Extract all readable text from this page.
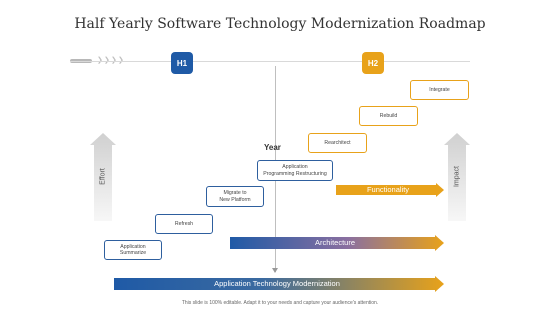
Half Yearly Software Technology Modernization Roadmap
H1	H2
Year
Effort	Impact
Application
Summarize
Refresh
Migrate to
New Platform
Application
Programming Restructuring
Rearchitect
Rebuild
Integrate
Functionality
Architecture
Application Technology Modernization
This slide is 100% editable. Adapt it to your needs and capture your audience's attention.
